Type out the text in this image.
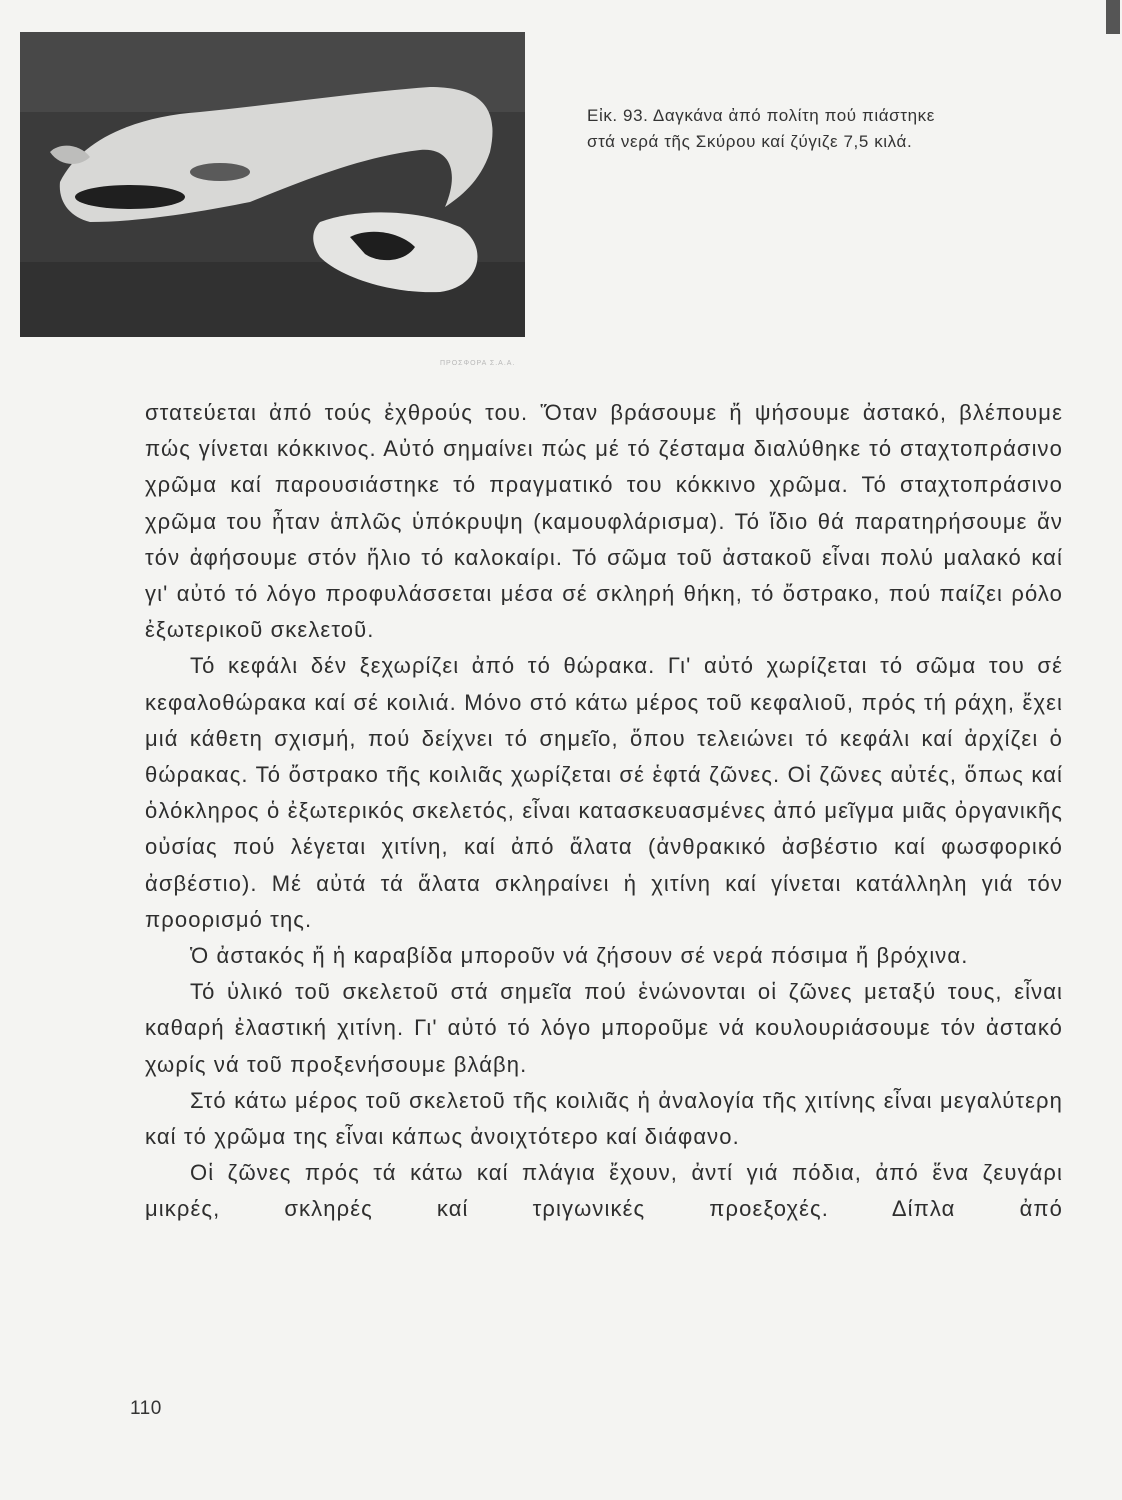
ΠΡΟΣΦΟΡΑ Σ.Α.Α.

Εἰκ. 93. Δαγκάνα ἀπό πολίτη πού πιάστηκε

στά νερά τῆς Σκύρου καί ζύγιζε 7,5 κιλά.

στατεύεται ἀπό τούς ἐχθρούς του. Ὅταν βράσουμε ἤ ψήσουμε ἀστακό, βλέπουμε πώς γίνεται κόκκινος. Αὐτό σημαίνει πώς μέ τό ζέσταμα διαλύθηκε τό σταχτοπράσινο χρῶμα καί παρουσιάστηκε τό πραγματικό του κόκκινο χρῶμα. Τό σταχτοπράσινο χρῶμα του ἦταν ἁπλῶς ὑπόκρυψη (καμουφλάρισμα). Τό ἴδιο θά παρατηρήσουμε ἄν τόν ἀφήσουμε στόν ἥλιο τό καλοκαίρι. Τό σῶμα τοῦ ἀστακοῦ εἶναι πολύ μαλακό καί γι' αὐτό τό λόγο προφυλάσσεται μέσα σέ σκληρή θήκη, τό ὄστρακο, πού παίζει ρόλο ἐξωτερικοῦ σκελετοῦ.

Τό κεφάλι δέν ξεχωρίζει ἀπό τό θώρακα. Γι' αὐτό χωρίζεται τό σῶμα του σέ κεφαλοθώρακα καί σέ κοιλιά. Μόνο στό κάτω μέρος τοῦ κεφαλιοῦ, πρός τή ράχη, ἔχει μιά κάθετη σχισμή, πού δείχνει τό σημεῖο, ὅπου τελειώνει τό κεφάλι καί ἀρχίζει ὁ θώρακας. Τό ὄστρακο τῆς κοιλιᾶς χωρίζεται σέ ἑφτά ζῶνες. Οἱ ζῶνες αὐτές, ὅπως καί ὁλόκληρος ὁ ἐξωτερικός σκελετός, εἶναι κατασκευασμένες ἀπό μεῖγμα μιᾶς ὀργανικῆς οὐσίας πού λέγεται χιτίνη, καί ἀπό ἅλατα (ἀνθρακικό ἀσβέστιο καί φωσφορικό ἀσβέστιο). Μέ αὐτά τά ἅλατα σκληραίνει ἡ χιτίνη καί γίνεται κατάλληλη γιά τόν προορισμό της.

Ὁ ἀστακός ἤ ἡ καραβίδα μποροῦν νά ζήσουν σέ νερά πόσιμα ἤ βρόχινα.

Τό ὑλικό τοῦ σκελετοῦ στά σημεῖα πού ἑνώνονται οἱ ζῶνες μεταξύ τους, εἶναι καθαρή ἐλαστική χιτίνη. Γι' αὐτό τό λόγο μποροῦμε νά κουλουριάσουμε τόν ἀστακό χωρίς νά τοῦ προξενήσουμε βλάβη.

Στό κάτω μέρος τοῦ σκελετοῦ τῆς κοιλιᾶς ἡ ἀναλογία τῆς χιτίνης εἶναι μεγαλύτερη καί τό χρῶμα της εἶναι κάπως ἀνοιχτότερο καί διάφανο.

Οἱ ζῶνες πρός τά κάτω καί πλάγια ἔχουν, ἀντί γιά πόδια, ἀπό ἕνα ζευγάρι μικρές, σκληρές καί τριγωνικές προεξοχές. Δίπλα ἀπό

110
